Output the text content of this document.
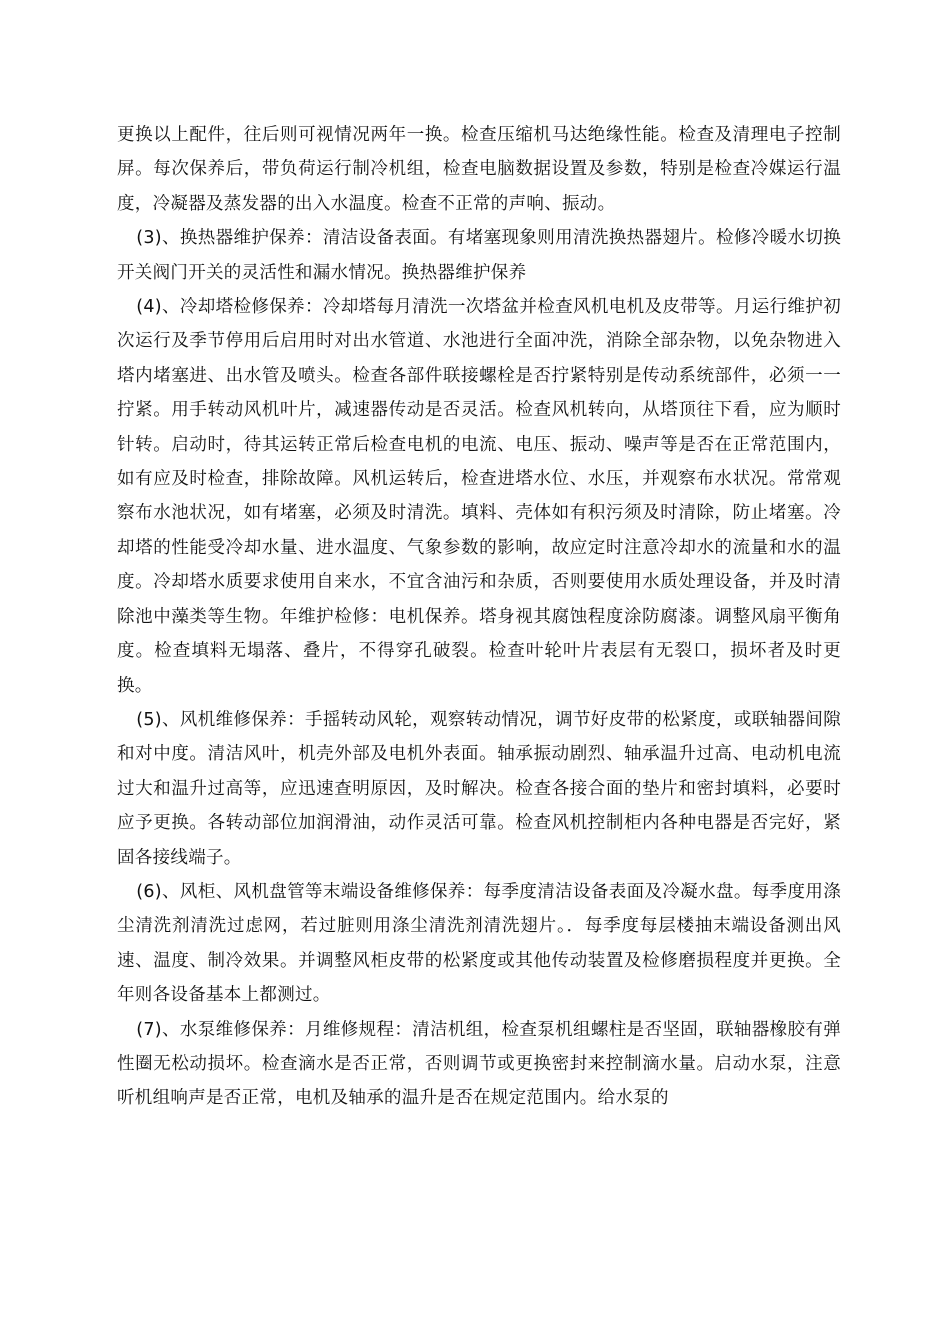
更换以上配件，往后则可视情况两年一换。检查压缩机马达绝缘性能。检查及清理电子控制屏。每次保养后，带负荷运行制冷机组，检查电脑数据设置及参数，特别是检查冷媒运行温度，冷凝器及蒸发器的出入水温度。检查不正常的声响、振动。

(3)、换热器维护保养：清洁设备表面。有堵塞现象则用清洗换热器翅片。检修冷暖水切换开关阀门开关的灵活性和漏水情况。换热器维护保养

(4)、冷却塔检修保养：冷却塔每月清洗一次塔盆并检查风机电机及皮带等。月运行维护初次运行及季节停用后启用时对出水管道、水池进行全面冲洗，消除全部杂物，以免杂物进入塔内堵塞进、出水管及喷头。检查各部件联接螺栓是否拧紧特别是传动系统部件，必须一一拧紧。用手转动风机叶片，减速器传动是否灵活。检查风机转向，从塔顶往下看，应为顺时针转。启动时，待其运转正常后检查电机的电流、电压、振动、噪声等是否在正常范围内，如有应及时检查，排除故障。风机运转后，检查进塔水位、水压，并观察布水状况。常常观察布水池状况，如有堵塞，必须及时清洗。填料、壳体如有积污须及时清除，防止堵塞。冷却塔的性能受冷却水量、进水温度、气象参数的影响，故应定时注意冷却水的流量和水的温度。冷却塔水质要求使用自来水，不宜含油污和杂质，否则要使用水质处理设备，并及时清除池中藻类等生物。年维护检修：电机保养。塔身视其腐蚀程度涂防腐漆。调整风扇平衡角度。检查填料无塌落、叠片，不得穿孔破裂。检查叶轮叶片表层有无裂口，损坏者及时更换。

(5)、风机维修保养：手摇转动风轮，观察转动情况，调节好皮带的松紧度，或联轴器间隙和对中度。清洁风叶，机壳外部及电机外表面。轴承振动剧烈、轴承温升过高、电动机电流过大和温升过高等，应迅速查明原因，及时解决。检查各接合面的垫片和密封填料，必要时应予更换。各转动部位加润滑油，动作灵活可靠。检查风机控制柜内各种电器是否完好，紧固各接线端子。

(6)、风柜、风机盘管等末端设备维修保养：每季度清洁设备表面及冷凝水盘。每季度用涤尘清洗剂清洗过虑网，若过脏则用涤尘清洗剂清洗翅片。．每季度每层楼抽末端设备测出风速、温度、制冷效果。并调整风柜皮带的松紧度或其他传动装置及检修磨损程度并更换。全年则各设备基本上都测过。

(7)、水泵维修保养：月维修规程：清洁机组，检查泵机组螺柱是否坚固，联轴器橡胶有弹性圈无松动损坏。检查滴水是否正常，否则调节或更换密封来控制滴水量。启动水泵，注意听机组响声是否正常，电机及轴承的温升是否在规定范围内。给水泵的
